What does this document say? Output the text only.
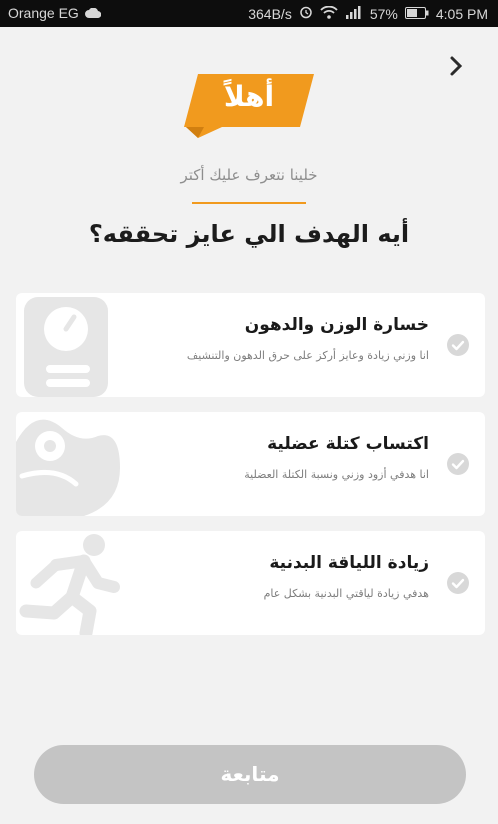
Orange EG	364B/s	57%	4:05 PM
أهلاً
خلينا نتعرف عليك أكتر
أيه الهدف الي عايز تحققه؟
خسارة الوزن والدهون
انا وزني زيادة وعايز أركز على حرق الدهون والتنشيف
اكتساب كتلة عضلية
انا هدفي أزود وزني ونسبة الكتلة العضلية
زيادة اللياقة البدنية
هدفي زيادة لياقتي البدنية بشكل عام
متابعة
